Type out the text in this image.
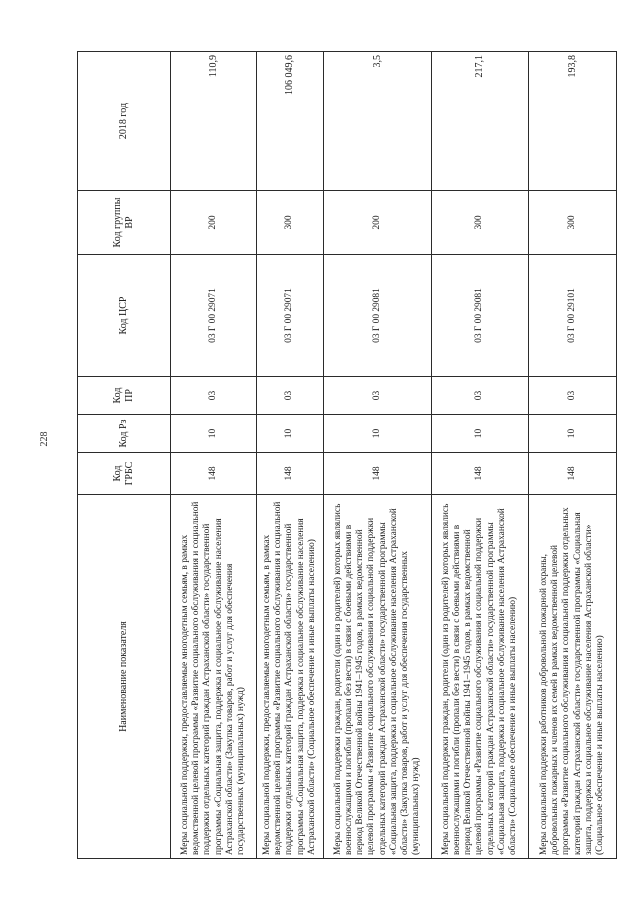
228
Наименование показателя	Код ГРБС	Код Рз	Код ПР	Код ЦСР	Код группы ВР	2018 год
Меры социальной поддержки, предоставляемые многодетным семьям, в рамках ведомственной целевой программы «Развитие социального обслуживания и социальной поддержки отдельных категорий граждан Астраханской области» государственной программы «Социальная защита, поддержка и социальное обслуживание населения Астраханской области» (Закупка товаров, работ и услуг для обеспечения государственных (муниципальных) нужд)	148	10	03	03 Г 00 29071	200	110,9
Меры социальной поддержки, предоставляемые многодетным семьям, в рамках ведомственной целевой программы «Развитие социального обслуживания и социальной поддержки отдельных категорий граждан Астраханской области» государственной программы «Социальная защита, поддержка и социальное обслуживание населения Астраханской области» (Социальное обеспечение и иные выплаты населению)	148	10	03	03 Г 00 29071	300	106 049,6
Меры социальной поддержки граждан, родители (один из родителей) которых являлись военнослужащими и погибли (пропали без вести) в связи с боевыми действиями в период Великой Отечественной войны 1941–1945 годов, в рамках ведомственной целевой программы «Развитие социального обслуживания и социальной поддержки отдельных категорий граждан Астраханской области» государственной программы «Социальная защита, поддержка и социальное обслуживание населения Астраханской области» (Закупка товаров, работ и услуг для обеспечения государственных (муниципальных) нужд)	148	10	03	03 Г 00 29081	200	3,5
Меры социальной поддержки граждан, родители (один из родителей) которых являлись военнослужащими и погибли (пропали без вести) в связи с боевыми действиями в период Великой Отечественной войны 1941–1945 годов, в рамках ведомственной целевой программы «Развитие социального обслуживания и социальной поддержки отдельных категорий граждан Астраханской области» государственной программы «Социальная защита, поддержка и социальное обслуживание населения Астраханской области» (Социальное обеспечение и иные выплаты населению)	148	10	03	03 Г 00 29081	300	217,1
Меры социальной поддержки работников добровольной пожарной охраны, добровольных пожарных и членов их семей в рамках ведомственной целевой программы «Развитие социального обслуживания и социальной поддержки отдельных категорий граждан Астраханской области» государственной программы «Социальная защита, поддержка и социальное обслуживание населения Астраханской области» (Социальное обеспечение и иные выплаты населению)	148	10	03	03 Г 00 29101	300	193,8
